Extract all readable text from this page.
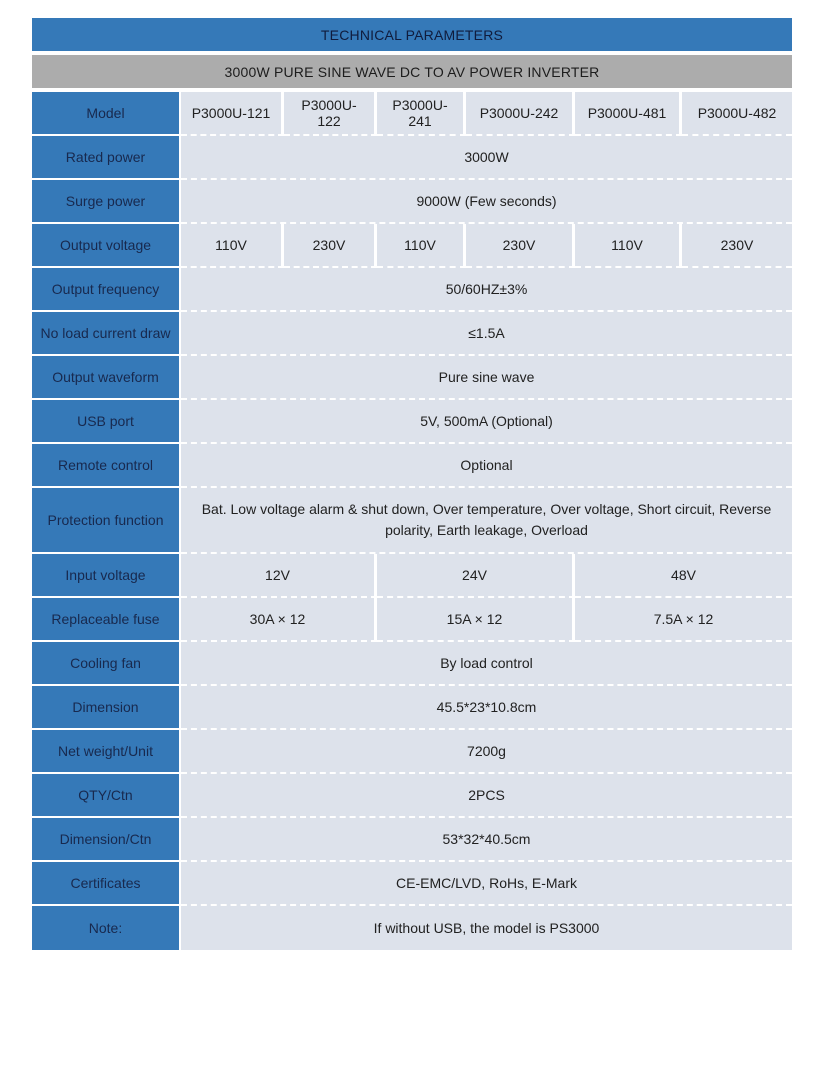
TECHNICAL PARAMETERS
3000W PURE SINE WAVE DC TO AV POWER INVERTER
Model	P3000U-121	P3000U-122	P3000U-241	P3000U-242	P3000U-481	P3000U-482
Rated power	3000W					
Surge power	9000W (Few seconds)					
Output voltage	110V	230V	110V	230V	110V	230V
Output frequency	50/60HZ±3%					
No load current draw	≤1.5A					
Output waveform	Pure sine wave					
USB port	5V, 500mA (Optional)					
Remote control	Optional					
Protection function	Bat. Low voltage alarm & shut down, Over temperature, Over voltage, Short circuit, Reverse polarity, Earth leakage, Overload					
Input voltage	12V		24V		48V	
Replaceable fuse	30A × 12		15A × 12		7.5A × 12	
Cooling fan	By load control					
Dimension	45.5*23*10.8cm					
Net weight/Unit	7200g					
QTY/Ctn	2PCS					
Dimension/Ctn	53*32*40.5cm					
Certificates	CE-EMC/LVD, RoHs, E-Mark					
Note:	If without USB, the model is PS3000					
